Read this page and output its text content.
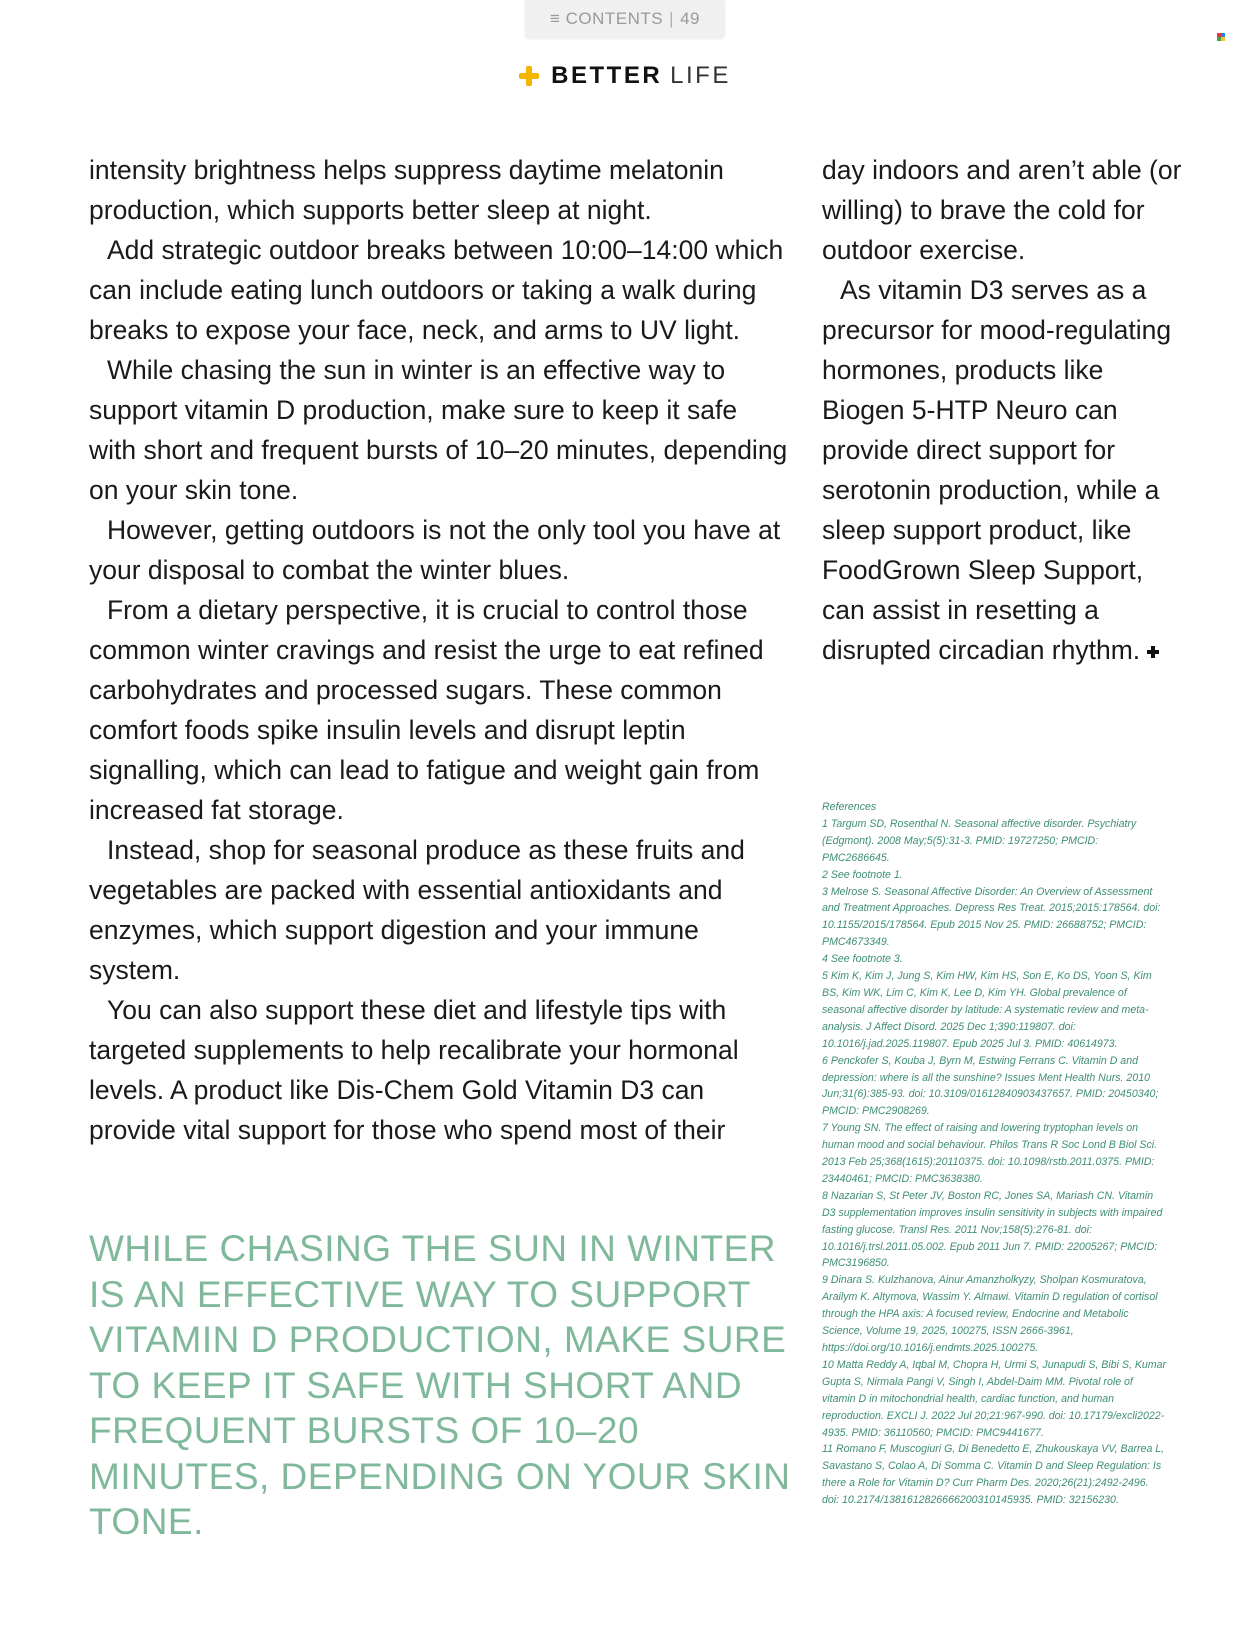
≡ CONTENTS | 49
BETTER LIFE

intensity brightness helps suppress daytime melatonin production, which supports better sleep at night.

Add strategic outdoor breaks between 10:00–14:00 which can include eating lunch outdoors or taking a walk during breaks to expose your face, neck, and arms to UV light.

While chasing the sun in winter is an effective way to support vitamin D production, make sure to keep it safe with short and frequent bursts of 10–20 minutes, depending on your skin tone.

However, getting outdoors is not the only tool you have at your disposal to combat the winter blues.

From a dietary perspective, it is crucial to control those common winter cravings and resist the urge to eat refined carbohydrates and processed sugars. These common comfort foods spike insulin levels and disrupt leptin signalling, which can lead to fatigue and weight gain from increased fat storage.

Instead, shop for seasonal produce as these fruits and vegetables are packed with essential antioxidants and enzymes, which support digestion and your immune system.

You can also support these diet and lifestyle tips with targeted supplements to help recalibrate your hormonal levels. A product like Dis-Chem Gold Vitamin D3 can provide vital support for those who spend most of their

day indoors and aren’t able (or willing) to brave the cold for outdoor exercise.

As vitamin D3 serves as a precursor for mood-regulating hormones, products like Biogen 5-HTP Neuro can provide direct support for serotonin production, while a sleep support product, like FoodGrown Sleep Support, can assist in resetting a disrupted circadian rhythm.

WHILE CHASING THE SUN IN WINTER IS AN EFFECTIVE WAY TO SUPPORT VITAMIN D PRODUCTION, MAKE SURE TO KEEP IT SAFE WITH SHORT AND FREQUENT BURSTS OF 10–20 MINUTES, DEPENDING ON YOUR SKIN TONE.
References
1 Targum SD, Rosenthal N. Seasonal affective disorder. Psychiatry (Edgmont). 2008 May;5(5):31-3. PMID: 19727250; PMCID: PMC2686645.
2 See footnote 1.
3 Melrose S. Seasonal Affective Disorder: An Overview of Assessment and Treatment Approaches. Depress Res Treat. 2015;2015:178564. doi: 10.1155/2015/178564. Epub 2015 Nov 25. PMID: 26688752; PMCID: PMC4673349.
4 See footnote 3.
5 Kim K, Kim J, Jung S, Kim HW, Kim HS, Son E, Ko DS, Yoon S, Kim BS, Kim WK, Lim C, Kim K, Lee D, Kim YH. Global prevalence of seasonal affective disorder by latitude: A systematic review and meta-analysis. J Affect Disord. 2025 Dec 1;390:119807. doi: 10.1016/j.jad.2025.119807. Epub 2025 Jul 3. PMID: 40614973.
6 Penckofer S, Kouba J, Byrn M, Estwing Ferrans C. Vitamin D and depression: where is all the sunshine? Issues Ment Health Nurs. 2010 Jun;31(6):385-93. doi: 10.3109/01612840903437657. PMID: 20450340; PMCID: PMC2908269.
7 Young SN. The effect of raising and lowering tryptophan levels on human mood and social behaviour. Philos Trans R Soc Lond B Biol Sci. 2013 Feb 25;368(1615):20110375. doi: 10.1098/rstb.2011.0375. PMID: 23440461; PMCID: PMC3638380.
8 Nazarian S, St Peter JV, Boston RC, Jones SA, Mariash CN. Vitamin D3 supplementation improves insulin sensitivity in subjects with impaired fasting glucose. Transl Res. 2011 Nov;158(5):276-81. doi: 10.1016/j.trsl.2011.05.002. Epub 2011 Jun 7. PMID: 22005267; PMCID: PMC3196850.
9 Dinara S. Kulzhanova, Ainur Amanzholkyzy, Sholpan Kosmuratova, Arailym K. Altymova, Wassim Y. Almawi. Vitamin D regulation of cortisol through the HPA axis: A focused review, Endocrine and Metabolic Science, Volume 19, 2025, 100275, ISSN 2666-3961, https://doi.org/10.1016/j.endmts.2025.100275.
10 Matta Reddy A, Iqbal M, Chopra H, Urmi S, Junapudi S, Bibi S, Kumar Gupta S, Nirmala Pangi V, Singh I, Abdel-Daim MM. Pivotal role of vitamin D in mitochondrial health, cardiac function, and human reproduction. EXCLI J. 2022 Jul 20;21:967-990. doi: 10.17179/excli2022-4935. PMID: 36110560; PMCID: PMC9441677.
11 Romano F, Muscogiuri G, Di Benedetto E, Zhukouskaya VV, Barrea L, Savastano S, Colao A, Di Somma C. Vitamin D and Sleep Regulation: Is there a Role for Vitamin D? Curr Pharm Des. 2020;26(21):2492-2496. doi: 10.2174/1381612826666200310145935. PMID: 32156230.
